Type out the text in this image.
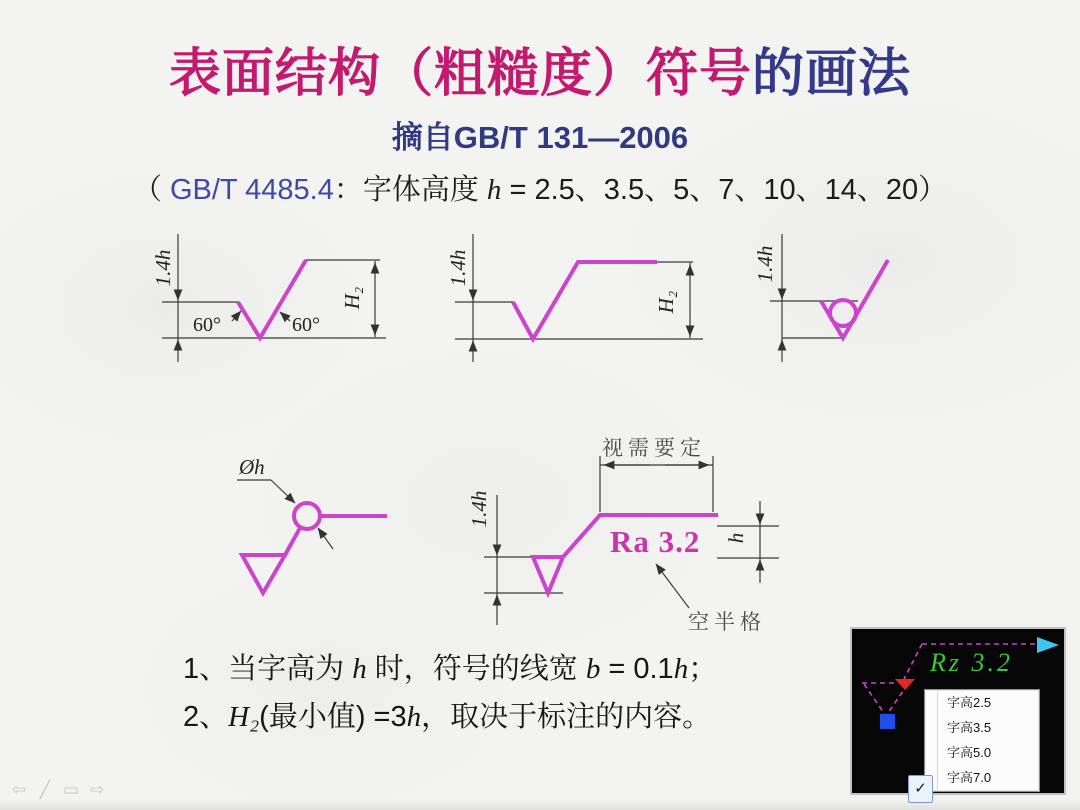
表面结构（粗糙度）符号的画法
摘自GB/T 131—2006
（ GB/T 4485.4：字体高度 h = 2.5、3.5、5、7、10、14、20）
1.4h
H₂
60°	60°
1.4h
H₂
1.4h
Øh
视需要定
Ra 3.2
1.4h
h
空半格
1、当字高为 h 时，符号的线宽 b = 0.1h；
2、H₂(最小值) =3h，取决于标注的内容。
Rz 3.2
字高2.5
字高3.5
字高5.0
字高7.0
✓
⇦ ╱ ▭ ⇨
